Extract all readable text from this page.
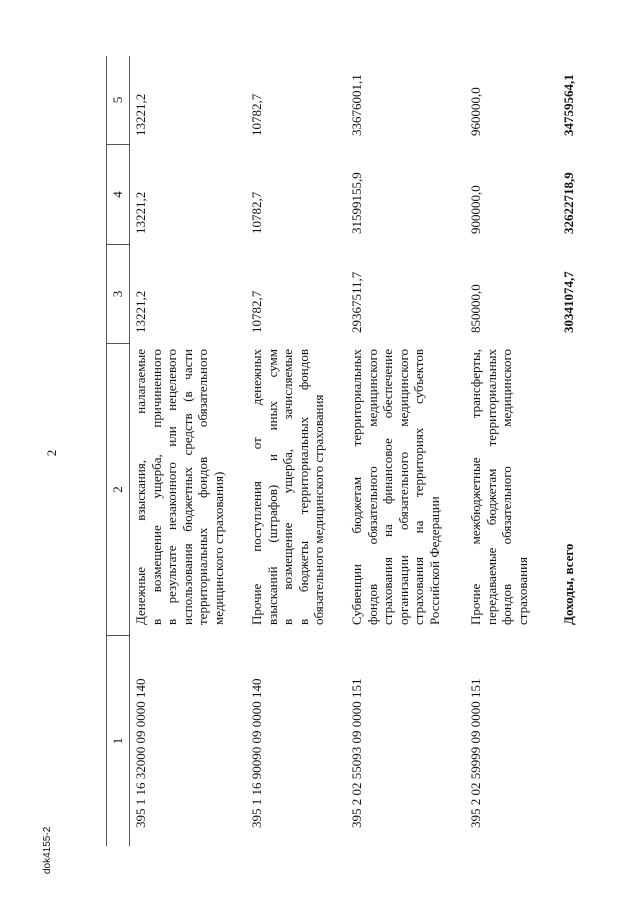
2
dok4155-2
1
2
3
4
5
395 1 16 32000 09 0000 140
Денежные взыскания, налагаемые в возмещение ущерба, причиненного в результате незаконного или нецелевого использования бюджетных средств (в части территориальных фондов обязательного медицинского страхования)
13221,2
13221,2
13221,2
395 1 16 90090 09 0000 140
Прочие поступления от денежных взысканий (штрафов) и иных сумм в возмещение ущерба, зачисляемые в бюджеты территориальных фондов обязательного медицинского страхования
10782,7
10782,7
10782,7
395 2 02 55093 09 0000 151
Субвенции бюджетам территориальных фондов обязательного медицинского страхования на финансовое обеспечение организации обязательного медицинского страхования на территориях субъектов Российской Федерации
29367511,7
31599155,9
33676001,1
395 2 02 59999 09 0000 151
Прочие межбюджетные трансферты, передаваемые бюджетам территориальных фондов обязательного медицинского страхования
850000,0
900000,0
960000,0
Доходы, всего
30341074,7
32622718,9
34759564,1
